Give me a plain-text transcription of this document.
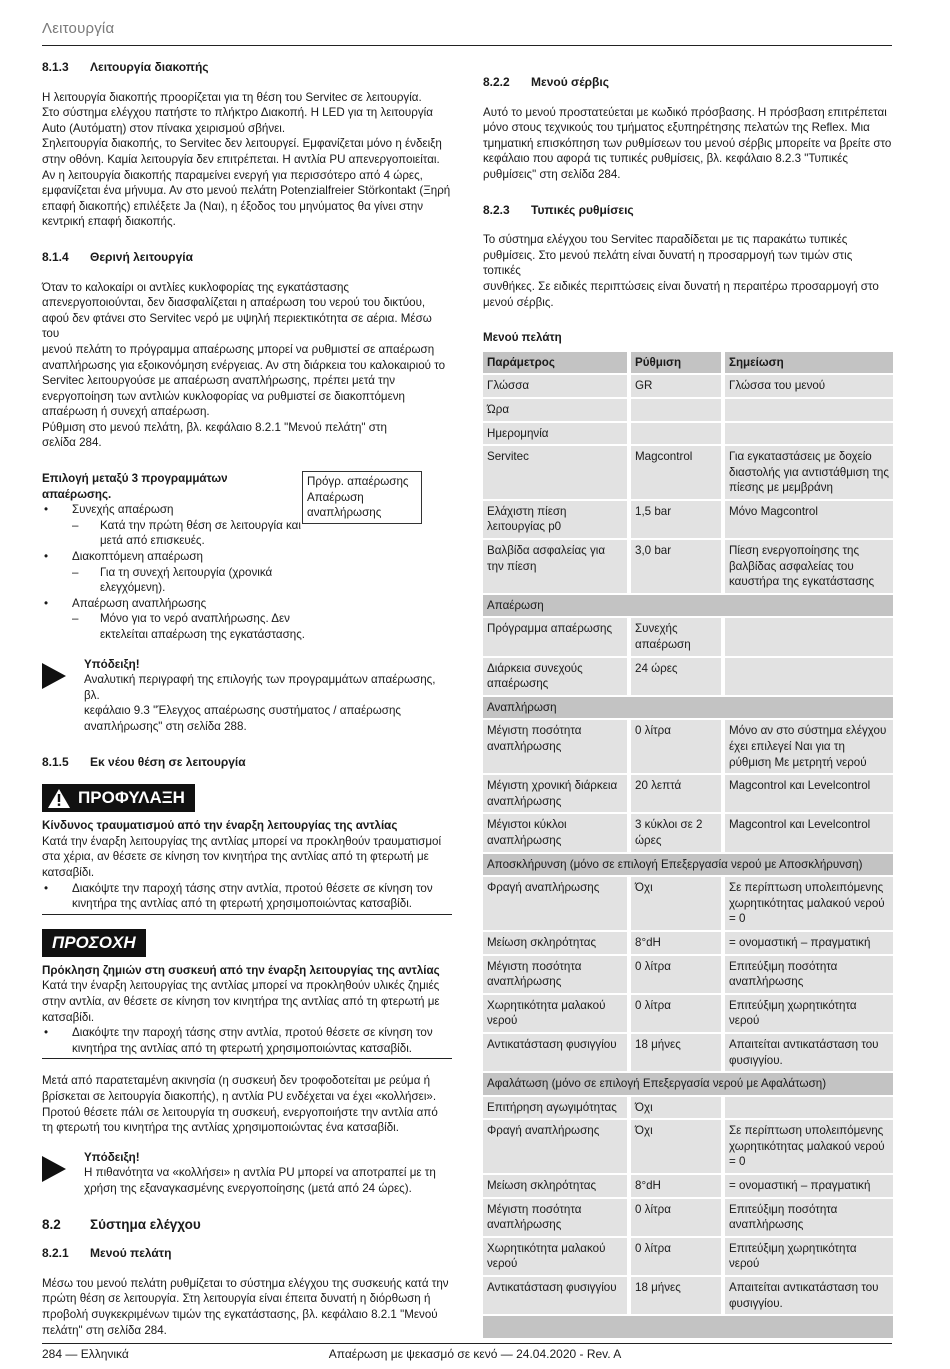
Λειτουργία
8.1.3	Λειτουργία διακοπής

Η λειτουργία διακοπής προορίζεται για τη θέση του Servitec σε λειτουργία.
Στο σύστημα ελέγχου πατήστε το πλήκτρο Διακοπή. Η LED για τη λειτουργία
Auto (Αυτόματη) στον πίνακα χειρισμού σβήνει.
Σηλειτουργία διακοπής, το Servitec δεν λειτουργεί. Εμφανίζεται μόνο η ένδειξη
στην οθόνη. Καμία λειτουργία δεν επιτρέπεται. Η αντλία PU απενεργοποιείται.
Αν η λειτουργία διακοπής παραμείνει ενεργή για περισσότερο από 4 ώρες,
εμφανίζεται ένα μήνυμα. Αν στο μενού πελάτη Potenzialfreier Störkontakt (Ξηρή
επαφή διακοπής) επιλέξετε Ja (Ναι), η έξοδος του μηνύματος θα γίνει στην
κεντρική επαφή διακοπής.

8.1.4	Θερινή λειτουργία

Όταν το καλοκαίρι οι αντλίες κυκλοφορίας της εγκατάστασης
απενεργοποιούνται, δεν διασφαλίζεται η απαέρωση του νερού του δικτύου,
αφού δεν φτάνει στο Servitec νερό με υψηλή περιεκτικότητα σε αέρια. Μέσω του
μενού πελάτη το πρόγραμμα απαέρωσης μπορεί να ρυθμιστεί σε απαέρωση
αναπλήρωσης για εξοικονόμηση ενέργειας. Αν στη διάρκεια του καλοκαιριού το
Servitec λειτουργούσε με απαέρωση αναπλήρωσης, πρέπει μετά την
ενεργοποίηση των αντλιών κυκλοφορίας να ρυθμιστεί σε διακοπτόμενη
απαέρωση ή συνεχή απαέρωση.
Ρύθμιση στο μενού πελάτη, βλ. κεφάλαιο 8.2.1 "Μενού πελάτη" στη
σελίδα 284.

Επιλογή μεταξύ 3 προγραμμάτων απαέρωσης.
Πρόγρ. απαέρωσης
Απαέρωση
αναπλήρωσης
• Συνεχής απαέρωση
– Κατά την πρώτη θέση σε λειτουργία και μετά από επισκευές.
• Διακοπτόμενη απαέρωση
– Για τη συνεχή λειτουργία (χρονικά ελεγχόμενη).
• Απαέρωση αναπλήρωσης
– Μόνο για το νερό αναπλήρωσης. Δεν εκτελείται απαέρωση της εγκατάστασης.
Υπόδειξη!
Αναλυτική περιγραφή της επιλογής των προγραμμάτων απαέρωσης, βλ.
κεφάλαιο 9.3 "Έλεγχος απαέρωσης συστήματος / απαέρωσης
αναπλήρωσης" στη σελίδα 288.
8.1.5	Εκ νέου θέση σε λειτουργία
ΠΡΟΦΥΛΑΞΗ
Κίνδυνος τραυματισμού από την έναρξη λειτουργίας της αντλίας

Κατά την έναρξη λειτουργίας της αντλίας μπορεί να προκληθούν τραυματισμοί
στα χέρια, αν θέσετε σε κίνηση τον κινητήρα της αντλίας από τη φτερωτή με
κατσαβίδι.

• Διακόψτε την παροχή τάσης στην αντλία, προτού θέσετε σε κίνηση τον
κινητήρα της αντλίας από τη φτερωτή χρησιμοποιώντας κατσαβίδι.
ΠΡΟΣΟΧΗ
Πρόκληση ζημιών στη συσκευή από την έναρξη λειτουργίας της αντλίας

Κατά την έναρξη λειτουργίας της αντλίας μπορεί να προκληθούν υλικές ζημιές
στην αντλία, αν θέσετε σε κίνηση τον κινητήρα της αντλίας από τη φτερωτή με
κατσαβίδι.

• Διακόψτε την παροχή τάσης στην αντλία, προτού θέσετε σε κίνηση τον
κινητήρα της αντλίας από τη φτερωτή χρησιμοποιώντας κατσαβίδι.

Μετά από παρατεταμένη ακινησία (η συσκευή δεν τροφοδοτείται με ρεύμα ή
βρίσκεται σε λειτουργία διακοπής), η αντλία PU ενδέχεται να έχει «κολλήσει».
Προτού θέσετε πάλι σε λειτουργία τη συσκευή, ενεργοποιήστε την αντλία από
τη φτερωτή του κινητήρα της αντλίας χρησιμοποιώντας ένα κατσαβίδι.

Υπόδειξη!
Η πιθανότητα να «κολλήσει» η αντλία PU μπορεί να αποτραπεί με τη
χρήση της εξαναγκασμένης ενεργοποίησης (μετά από 24 ώρες).
8.2	Σύστημα ελέγχου
8.2.1	Μενού πελάτη

Μέσω του μενού πελάτη ρυθμίζεται το σύστημα ελέγχου της συσκευής κατά την
πρώτη θέση σε λειτουργία. Στη λειτουργία είναι έπειτα δυνατή η διόρθωση ή
προβολή συγκεκριμένων τιμών της εγκατάστασης, βλ. κεφάλαιο 8.2.1 "Μενού
πελάτη" στη σελίδα 284.

8.2.2	Μενού σέρβις

Αυτό το μενού προστατεύεται με κωδικό πρόσβασης. Η πρόσβαση επιτρέπεται
μόνο στους τεχνικούς του τμήματος εξυπηρέτησης πελατών της Reflex. Μια
τμηματική επισκόπηση των ρυθμίσεων του μενού σέρβις μπορείτε να βρείτε στο
κεφάλαιο που αφορά τις τυπικές ρυθμίσεις, βλ. κεφάλαιο 8.2.3 "Τυπικές
ρυθμίσεις" στη σελίδα 284.

8.2.3	Τυπικές ρυθμίσεις

Το σύστημα ελέγχου του Servitec παραδίδεται με τις παρακάτω τυπικές
ρυθμίσεις. Στο μενού πελάτη είναι δυνατή η προσαρμογή των τιμών στις τοπικές
συνθήκες. Σε ειδικές περιπτώσεις είναι δυνατή η περαιτέρω προσαρμογή στο
μενού σέρβις.

Μενού πελάτη
Παράμετρος		Ρύθμιση		Σημείωση
Γλώσσα		GR		Γλώσσα του μενού
Ώρα				
Ημερομηνία				
Servitec		Magcontrol		Για εγκαταστάσεις με δοχείο διαστολής για αντιστάθμιση της πίεσης με μεμβράνη
Ελάχιστη πίεση λειτουργίας p0		1,5 bar		Μόνο Magcontrol
Βαλβίδα ασφαλείας για την πίεση		3,0 bar		Πίεση ενεργοποίησης της βαλβίδας ασφαλείας του καυστήρα της εγκατάστασης
Απαέρωση				
Πρόγραμμα απαέρωσης		Συνεχής απαέρωση		
Διάρκεια συνεχούς απαέρωσης		24 ώρες		
Αναπλήρωση				
Μέγιστη ποσότητα αναπλήρωσης		0 λίτρα		Μόνο αν στο σύστημα ελέγχου έχει επιλεγεί Ναι για τη ρύθμιση Με μετρητή νερού
Μέγιστη χρονική διάρκεια αναπλήρωσης		20 λεπτά		Magcontrol και Levelcontrol
Μέγιστοι κύκλοι αναπλήρωσης		3 κύκλοι σε 2 ώρες		Magcontrol και Levelcontrol
Αποσκλήρυνση (μόνο σε επιλογή Επεξεργασία νερού με Αποσκλήρυνση)				
Φραγή αναπλήρωσης		Όχι		Σε περίπτωση υπολειπόμενης χωρητικότητας μαλακού νερού = 0
Μείωση σκληρότητας		8°dH		= ονομαστική – πραγματική
Μέγιστη ποσότητα αναπλήρωσης		0 λίτρα		Επιτεύξιμη ποσότητα αναπλήρωσης
Χωρητικότητα μαλακού νερού		0 λίτρα		Επιτεύξιμη χωρητικότητα νερού
Αντικατάσταση φυσιγγίου		18 μήνες		Απαιτείται αντικατάσταση του φυσιγγίου.
Αφαλάτωση (μόνο σε επιλογή Επεξεργασία νερού με Αφαλάτωση)				
Επιτήρηση αγωγιμότητας		Όχι		
Φραγή αναπλήρωσης		Όχι		Σε περίπτωση υπολειπόμενης χωρητικότητας μαλακού νερού = 0
Μείωση σκληρότητας		8°dH		= ονομαστική – πραγματική
Μέγιστη ποσότητα αναπλήρωσης		0 λίτρα		Επιτεύξιμη ποσότητα αναπλήρωσης
Χωρητικότητα μαλακού νερού		0 λίτρα		Επιτεύξιμη χωρητικότητα νερού
Αντικατάσταση φυσιγγίου		18 μήνες		Απαιτείται αντικατάσταση του φυσιγγίου.

284 — Ελληνικά	Απαέρωση με ψεκασμό σε κενό — 24.04.2020 - Rev. A
